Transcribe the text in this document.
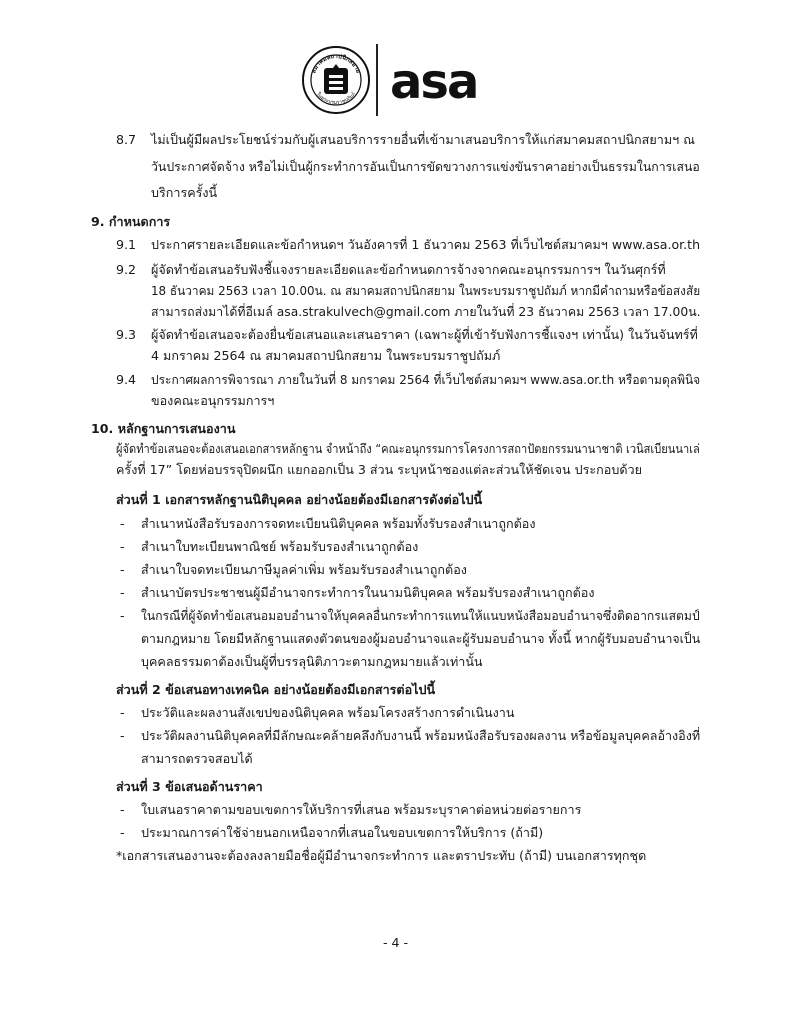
สมาคมสถาปนิกสยาม
ในพระบรมราชูปถัมภ์ asa
8.7 ไม่เป็นผู้มีผลประโยชน์ร่วมกับผู้เสนอบริการรายอื่นที่เข้ามาเสนอบริการให้แก่สมาคมสถาปนิกสยามฯ ณ
วันประกาศจัดจ้าง หรือไม่เป็นผู้กระทำการอันเป็นการขัดขวางการแข่งขันราคาอย่างเป็นธรรมในการเสนอ
บริการครั้งนี้
9. กำหนดการ
9.1 ประกาศรายละเอียดและข้อกำหนดฯ วันอังคารที่ 1 ธันวาคม 2563 ที่เว็บไซต์สมาคมฯ www.asa.or.th
9.2 ผู้จัดทำข้อเสนอรับฟังชี้แจงรายละเอียดและข้อกำหนดการจ้างจากคณะอนุกรรมการฯ ในวันศุกร์ที่
18 ธันวาคม 2563 เวลา 10.00น. ณ สมาคมสถาปนิกสยาม ในพระบรมราชูปถัมภ์ หากมีคำถามหรือข้อสงสัย
สามารถส่งมาได้ที่อีเมล์ asa.strakulvech@gmail.com ภายในวันที่ 23 ธันวาคม 2563 เวลา 17.00น.
9.3 ผู้จัดทำข้อเสนอจะต้องยื่นข้อเสนอและเสนอราคา (เฉพาะผู้ที่เข้ารับฟังการชี้แจงฯ เท่านั้น) ในวันจันทร์ที่
4 มกราคม 2564 ณ สมาคมสถาปนิกสยาม ในพระบรมราชูปถัมภ์
9.4 ประกาศผลการพิจารณา ภายในวันที่ 8 มกราคม 2564 ที่เว็บไซต์สมาคมฯ www.asa.or.th หรือตามดุลพินิจ
ของคณะอนุกรรมการฯ
10. หลักฐานการเสนองาน
ผู้จัดทำข้อเสนอจะต้องเสนอเอกสารหลักฐาน จำหน้าถึง “คณะอนุกรรมการโครงการสถาปัตยกรรมนานาชาติ เวนิสเบียนนาเล่
ครั้งที่ 17” โดยห่อบรรจุปิดผนึก แยกออกเป็น 3 ส่วน ระบุหน้าซองแต่ละส่วนให้ชัดเจน ประกอบด้วย
ส่วนที่ 1 เอกสารหลักฐานนิติบุคคล อย่างน้อยต้องมีเอกสารดังต่อไปนี้
- สำเนาหนังสือรับรองการจดทะเบียนนิติบุคคล พร้อมทั้งรับรองสำเนาถูกต้อง
- สำเนาใบทะเบียนพาณิชย์ พร้อมรับรองสำเนาถูกต้อง
- สำเนาใบจดทะเบียนภาษีมูลค่าเพิ่ม พร้อมรับรองสำเนาถูกต้อง
- สำเนาบัตรประชาชนผู้มีอำนาจกระทำการในนามนิติบุคคล พร้อมรับรองสำเนาถูกต้อง
- ในกรณีที่ผู้จัดทำข้อเสนอมอบอำนาจให้บุคคลอื่นกระทำการแทนให้แนบหนังสือมอบอำนาจซึ่งติดอากรแสตมป์
ตามกฎหมาย โดยมีหลักฐานแสดงตัวตนของผู้มอบอำนาจและผู้รับมอบอำนาจ ทั้งนี้ หากผู้รับมอบอำนาจเป็น
บุคคลธรรมดาต้องเป็นผู้ที่บรรลุนิติภาวะตามกฎหมายแล้วเท่านั้น
ส่วนที่ 2 ข้อเสนอทางเทคนิค อย่างน้อยต้องมีเอกสารต่อไปนี้
- ประวัติและผลงานสังเขปของนิติบุคคล พร้อมโครงสร้างการดำเนินงาน
- ประวัติผลงานนิติบุคคลที่มีลักษณะคล้ายคลึงกับงานนี้ พร้อมหนังสือรับรองผลงาน หรือข้อมูลบุคคลอ้างอิงที่
สามารถตรวจสอบได้
ส่วนที่ 3 ข้อเสนอด้านราคา
- ใบเสนอราคาตามขอบเขตการให้บริการที่เสนอ พร้อมระบุราคาต่อหน่วยต่อรายการ
- ประมาณการค่าใช้จ่ายนอกเหนือจากที่เสนอในขอบเขตการให้บริการ (ถ้ามี)
*เอกสารเสนองานจะต้องลงลายมือชื่อผู้มีอำนาจกระทำการ และตราประทับ (ถ้ามี) บนเอกสารทุกชุด
- 4 -
